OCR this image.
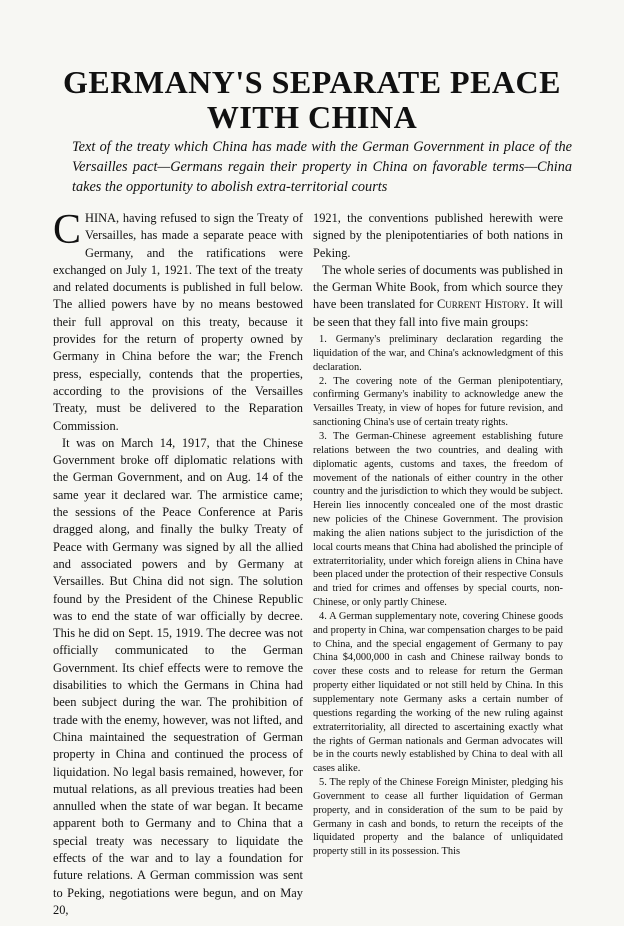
GERMANY'S SEPARATE PEACE
WITH CHINA

Text of the treaty which China has made with the German Government in place of the Versailles pact—Germans regain their property in China on favorable terms—China takes the opportunity to abolish extra-territorial courts

CHINA, having refused to sign the Treaty of Versailles, has made a separate peace with Germany, and the ratifications were exchanged on July 1, 1921. The text of the treaty and related documents is published in full below. The allied powers have by no means bestowed their full approval on this treaty, because it provides for the return of property owned by Germany in China before the war; the French press, especially, contends that the properties, according to the provisions of the Versailles Treaty, must be delivered to the Reparation Commission.

It was on March 14, 1917, that the Chinese Government broke off diplomatic relations with the German Government, and on Aug. 14 of the same year it declared war. The armistice came; the sessions of the Peace Conference at Paris dragged along, and finally the bulky Treaty of Peace with Germany was signed by all the allied and associated powers and by Germany at Versailles. But China did not sign. The solution found by the President of the Chinese Republic was to end the state of war officially by decree. This he did on Sept. 15, 1919. The decree was not officially communicated to the German Government. Its chief effects were to remove the disabilities to which the Germans in China had been subject during the war. The prohibition of trade with the enemy, however, was not lifted, and China maintained the sequestration of German property in China and continued the process of liquidation. No legal basis remained, however, for mutual relations, as all previous treaties had been annulled when the state of war began. It became apparent both to Germany and to China that a special treaty was necessary to liquidate the effects of the war and to lay a foundation for future relations. A German commission was sent to Peking, negotiations were begun, and on May 20,

1921, the conventions published herewith were signed by the plenipotentiaries of both nations in Peking.

The whole series of documents was published in the German White Book, from which source they have been translated for Current History. It will be seen that they fall into five main groups:

1. Germany's preliminary declaration regarding the liquidation of the war, and China's acknowledgment of this declaration.
2. The covering note of the German plenipotentiary, confirming Germany's inability to acknowledge anew the Versailles Treaty, in view of hopes for future revision, and sanctioning China's use of certain treaty rights.
3. The German-Chinese agreement establishing future relations between the two countries, and dealing with diplomatic agents, customs and taxes, the freedom of movement of the nationals of either country in the other country and the jurisdiction to which they would be subject. Herein lies innocently concealed one of the most drastic new policies of the Chinese Government. The provision making the alien nations subject to the jurisdiction of the local courts means that China had abolished the principle of extraterritoriality, under which foreign aliens in China have been placed under the protection of their respective Consuls and tried for crimes and offenses by special courts, non-Chinese, or only partly Chinese.
4. A German supplementary note, covering Chinese goods and property in China, war compensation charges to be paid to China, and the special engagement of Germany to pay China $4,000,000 in cash and Chinese railway bonds to cover these costs and to release for return the German property either liquidated or not still held by China. In this supplementary note Germany asks a certain number of questions regarding the working of the new ruling against extraterritoriality, all directed to ascertaining exactly what the rights of German nationals and German advocates will be in the courts newly established by China to deal with all cases alike.
5. The reply of the Chinese Foreign Minister, pledging his Government to cease all further liquidation of German property, and in consideration of the sum to be paid by Germany in cash and bonds, to return the receipts of the liquidated property and the balance of unliquidated property still in its possession. This
